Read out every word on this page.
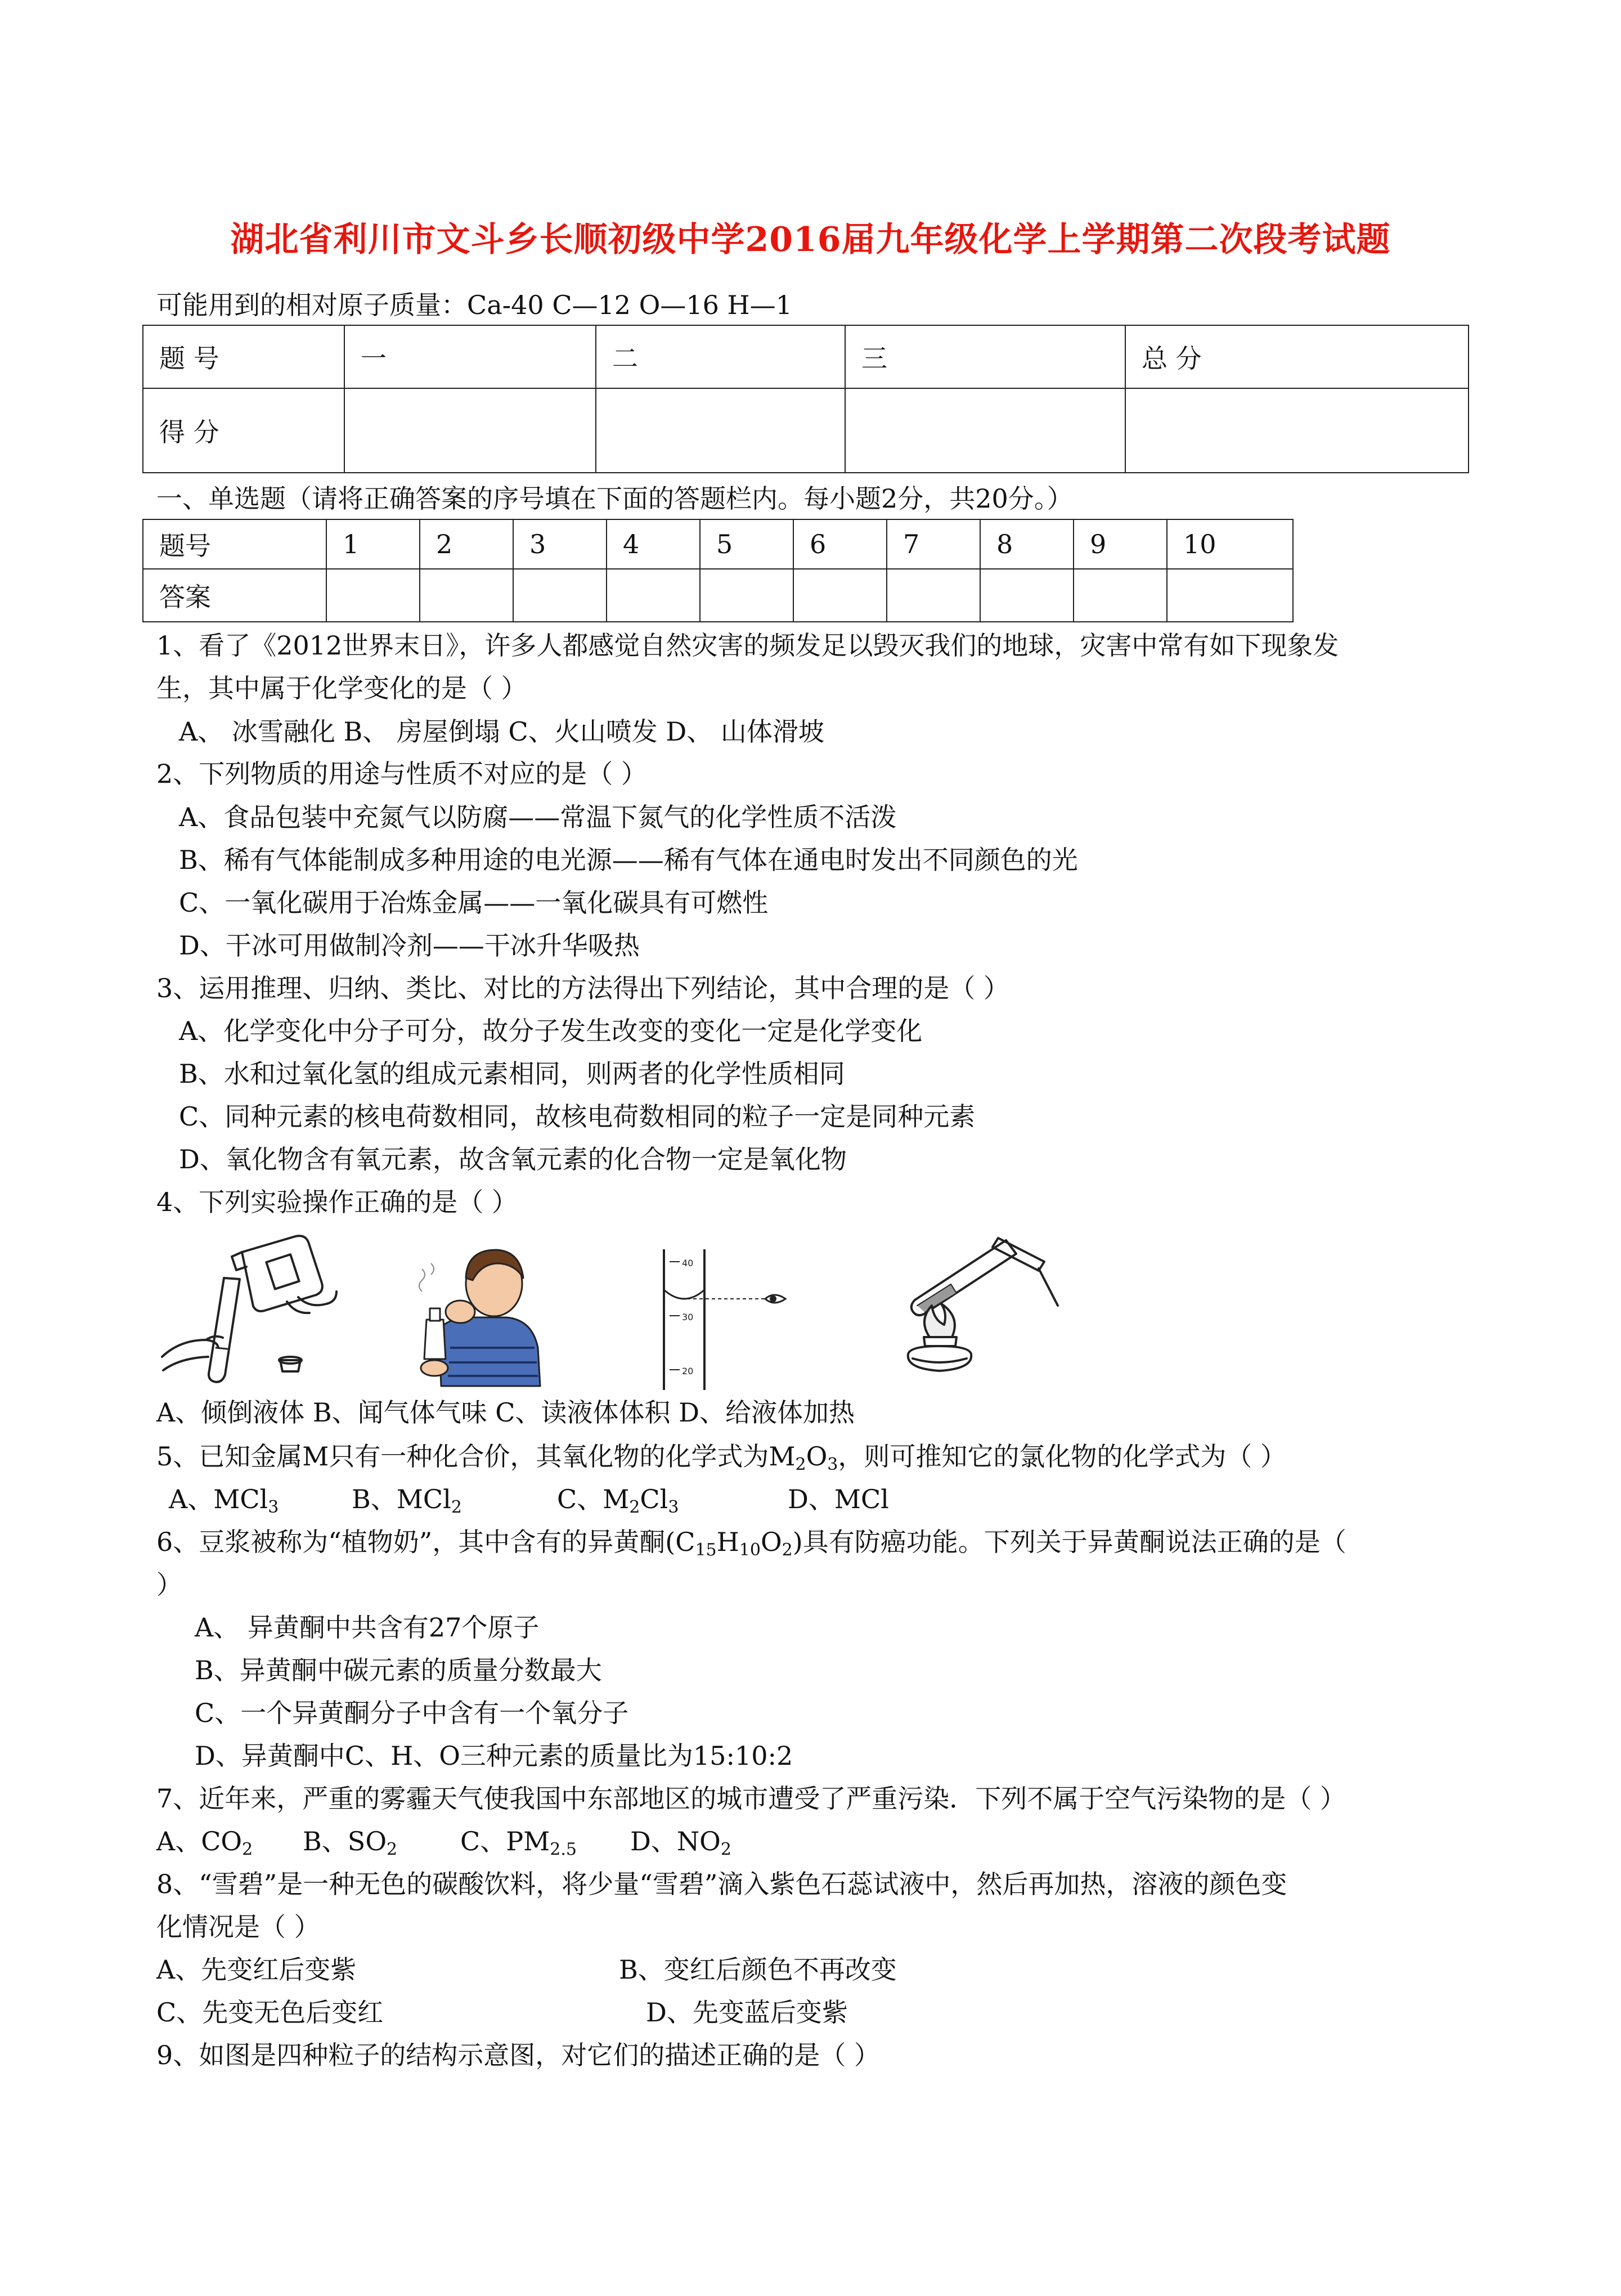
湖北省利川市文斗乡长顺初级中学2016届九年级化学上学期第二次段考试题
可能用到的相对原子质量：Ca-40 C—12 O—16 H—1
题 号	一	二	三	总 分
得 分				
一、单选题（请将正确答案的序号填在下面的答题栏内。每小题2分，共20分。）
题号	1	2	3	4	5	6	7	8	9	10
答案										
1、看了《2012世界末日》，许多人都感觉自然灾害的频发足以毁灭我们的地球，灾害中常有如下现象发
生，其中属于化学变化的是（ ）
A、 冰雪融化 B、 房屋倒塌 C、火山喷发 D、 山体滑坡
2、下列物质的用途与性质不对应的是（ ）
A、食品包装中充氮气以防腐——常温下氮气的化学性质不活泼
B、稀有气体能制成多种用途的电光源——稀有气体在通电时发出不同颜色的光
C、一氧化碳用于冶炼金属——一氧化碳具有可燃性
D、干冰可用做制冷剂——干冰升华吸热
3、运用推理、归纳、类比、对比的方法得出下列结论，其中合理的是（ ）
A、化学变化中分子可分，故分子发生改变的变化一定是化学变化
B、水和过氧化氢的组成元素相同，则两者的化学性质相同
C、同种元素的核电荷数相同，故核电荷数相同的粒子一定是同种元素
D、氧化物含有氧元素，故含氧元素的化合物一定是氧化物
4、下列实验操作正确的是（ ）
40
30
20
A、倾倒液体 B、闻气体气味 C、读液体体积 D、给液体加热
5、已知金属M只有一种化合价，其氧化物的化学式为$M_2O_3$，则可推知它的氯化物的化学式为（ ）
A、MCl$_3$	B、MCl$_2$	C、$M_2Cl_3$	D、MCl
6、豆浆被称为“植物奶”，其中含有的异黄酮$(C_{15}H_{10}O_2)$具有防癌功能。下列关于异黄酮说法正确的是（
）
A、 异黄酮中共含有27个原子
B、异黄酮中碳元素的质量分数最大
C、一个异黄酮分子中含有一个氧分子
D、异黄酮中C、H、O三种元素的质量比为15:10:2
7、近年来，严重的雾霾天气使我国中东部地区的城市遭受了严重污染．下列不属于空气污染物的是（ ）
A、$CO_2$ B、$SO_2$ C、$PM_{2.5}$ D、$NO_2$
8、“雪碧”是一种无色的碳酸饮料，将少量“雪碧”滴入紫色石蕊试液中，然后再加热，溶液的颜色变
化情况是（ ）
A、先变红后变紫	B、变红后颜色不再改变
C、先变无色后变红	D、先变蓝后变紫
9、如图是四种粒子的结构示意图，对它们的描述正确的是（ ）
